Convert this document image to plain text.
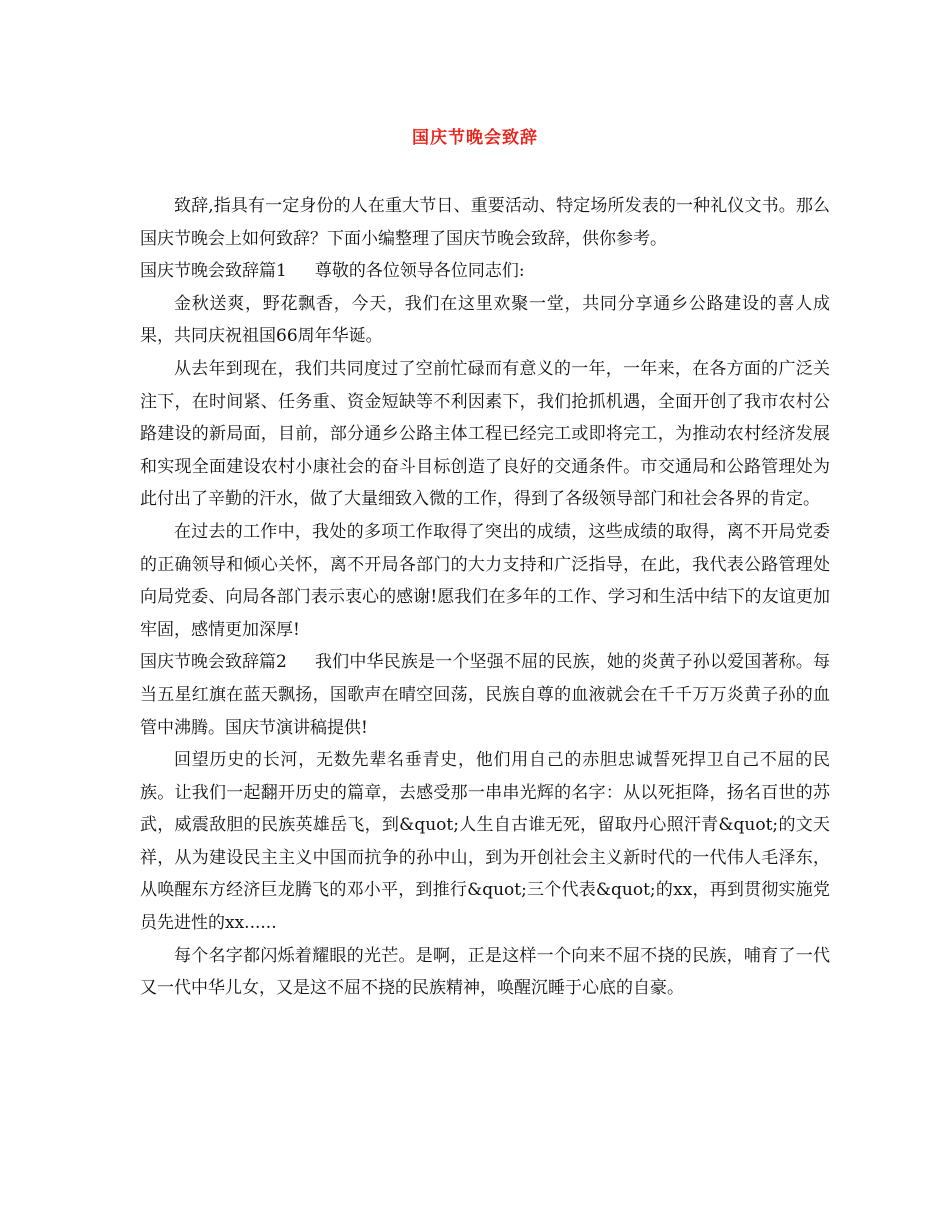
国庆节晚会致辞

致辞,指具有一定身份的人在重大节日、重要活动、特定场所发表的一种礼仪文书。那么国庆节晚会上如何致辞？下面小编整理了国庆节晚会致辞，供你参考。

国庆节晚会致辞篇1 尊敬的各位领导各位同志们:

金秋送爽，野花飘香，今天，我们在这里欢聚一堂，共同分享通乡公路建设的喜人成果，共同庆祝祖国66周年华诞。

从去年到现在，我们共同度过了空前忙碌而有意义的一年，一年来，在各方面的广泛关注下，在时间紧、任务重、资金短缺等不利因素下，我们抢抓机遇，全面开创了我市农村公路建设的新局面，目前，部分通乡公路主体工程已经完工或即将完工，为推动农村经济发展和实现全面建设农村小康社会的奋斗目标创造了良好的交通条件。市交通局和公路管理处为此付出了辛勤的汗水，做了大量细致入微的工作，得到了各级领导部门和社会各界的肯定。

在过去的工作中，我处的多项工作取得了突出的成绩，这些成绩的取得，离不开局党委的正确领导和倾心关怀，离不开局各部门的大力支持和广泛指导，在此，我代表公路管理处向局党委、向局各部门表示衷心的感谢!愿我们在多年的工作、学习和生活中结下的友谊更加牢固，感情更加深厚!

国庆节晚会致辞篇2 我们中华民族是一个坚强不屈的民族，她的炎黄子孙以爱国著称。每当五星红旗在蓝天飘扬，国歌声在晴空回荡，民族自尊的血液就会在千千万万炎黄子孙的血管中沸腾。国庆节演讲稿提供!

回望历史的长河，无数先辈名垂青史，他们用自己的赤胆忠诚誓死捍卫自己不屈的民族。让我们一起翻开历史的篇章，去感受那一串串光辉的名字：从以死拒降，扬名百世的苏武，威震敌胆的民族英雄岳飞，到&quot;人生自古谁无死，留取丹心照汗青&quot;的文天祥，从为建设民主主义中国而抗争的孙中山，到为开创社会主义新时代的一代伟人毛泽东，从唤醒东方经济巨龙腾飞的邓小平，到推行&quot;三个代表&quot;的xx，再到贯彻实施党员先进性的xx......

每个名字都闪烁着耀眼的光芒。是啊，正是这样一个向来不屈不挠的民族，哺育了一代又一代中华儿女，又是这不屈不挠的民族精神，唤醒沉睡于心底的自豪。
